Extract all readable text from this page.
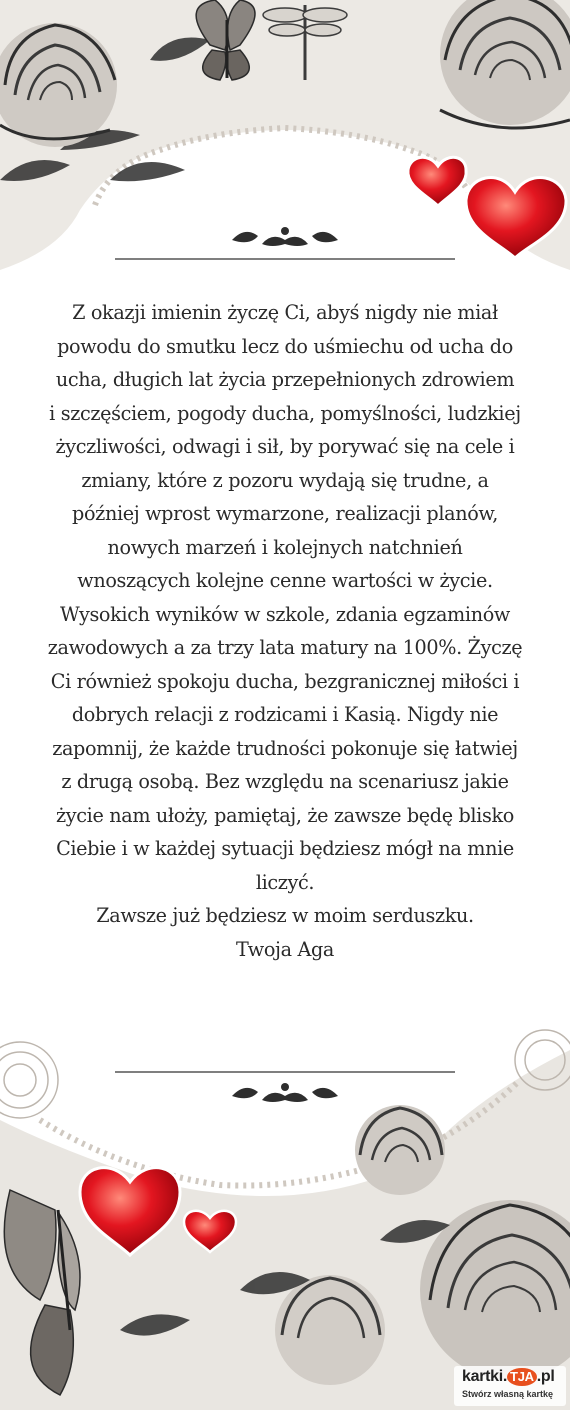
Z okazji imienin życzę Ci, abyś nigdy nie miał

powodu do smutku lecz do uśmiechu od ucha do

ucha, długich lat życia przepełnionych zdrowiem

i szczęściem, pogody ducha, pomyślności, ludzkiej

życzliwości, odwagi i sił, by porywać się na cele i

zmiany, które z pozoru wydają się trudne, a

później wprost wymarzone, realizacji planów,

nowych marzeń i kolejnych natchnień

wnoszących kolejne cenne wartości w życie.

Wysokich wyników w szkole, zdania egzaminów

zawodowych a za trzy lata matury na 100%. Życzę

Ci również spokoju ducha, bezgranicznej miłości i

dobrych relacji z rodzicami i Kasią. Nigdy nie

zapomnij, że każde trudności pokonuje się łatwiej

z drugą osobą. Bez względu na scenariusz jakie

życie nam ułoży, pamiętaj, że zawsze będę blisko

Ciebie i w każdej sytuacji będziesz mógł na mnie

liczyć.

Zawsze już będziesz w moim serduszku.

Twoja Aga

kartki. TJA .pl
Stwórz własną kartkę
